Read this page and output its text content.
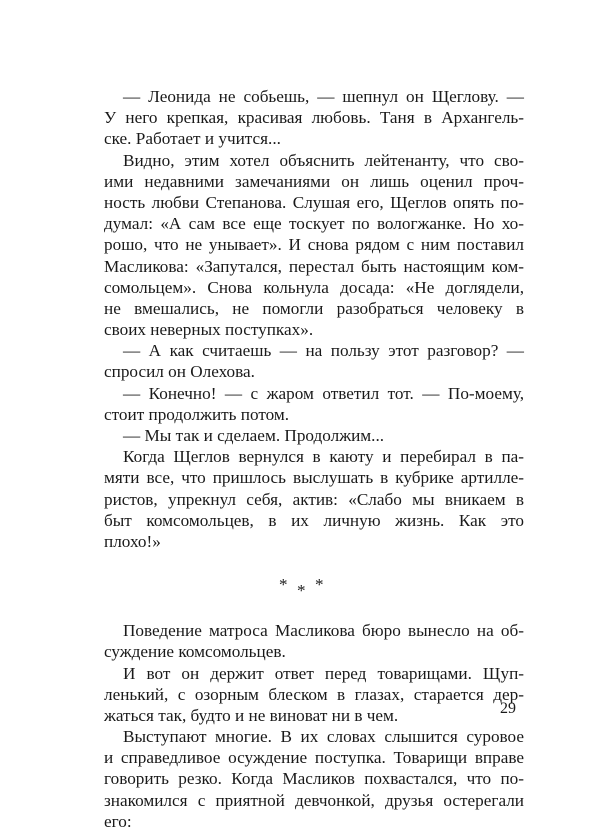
— Леонида не собьешь, — шепнул он Щеглову. —
У него крепкая, красивая любовь. Таня в Архангель-
ске. Работает и учится...
Видно, этим хотел объяснить лейтенанту, что сво-
ими недавними замечаниями он лишь оценил проч-
ность любви Степанова. Слушая его, Щеглов опять по-
думал: «А сам все еще тоскует по вологжанке. Но хо-
рошо, что не унывает». И снова рядом с ним поставил
Масликова: «Запутался, перестал быть настоящим ком-
сомольцем». Снова кольнула досада: «Не доглядели,
не вмешались, не помогли разобраться человеку в
своих неверных поступках».
— А как считаешь — на пользу этот разговор? —
спросил он Олехова.
— Конечно! — с жаром ответил тот. — По-моему,
стоит продолжить потом.
— Мы так и сделаем. Продолжим...
Когда Щеглов вернулся в каюту и перебирал в па-
мяти все, что пришлось выслушать в кубрике артилле-
ристов, упрекнул себя, актив: «Слабо мы вникаем в
быт комсомольцев, в их личную жизнь. Как это
плохо!»
* * *
Поведение матроса Масликова бюро вынесло на об-
суждение комсомольцев.
И вот он держит ответ перед товарищами. Щуп-
ленький, с озорным блеском в глазах, старается дер-
жаться так, будто и не виноват ни в чем.
Выступают многие. В их словах слышится суровое
и справедливое осуждение поступка. Товарищи вправе
говорить резко. Когда Масликов похвастался, что по-
знакомился с приятной девчонкой, друзья остерегали
его:
29
